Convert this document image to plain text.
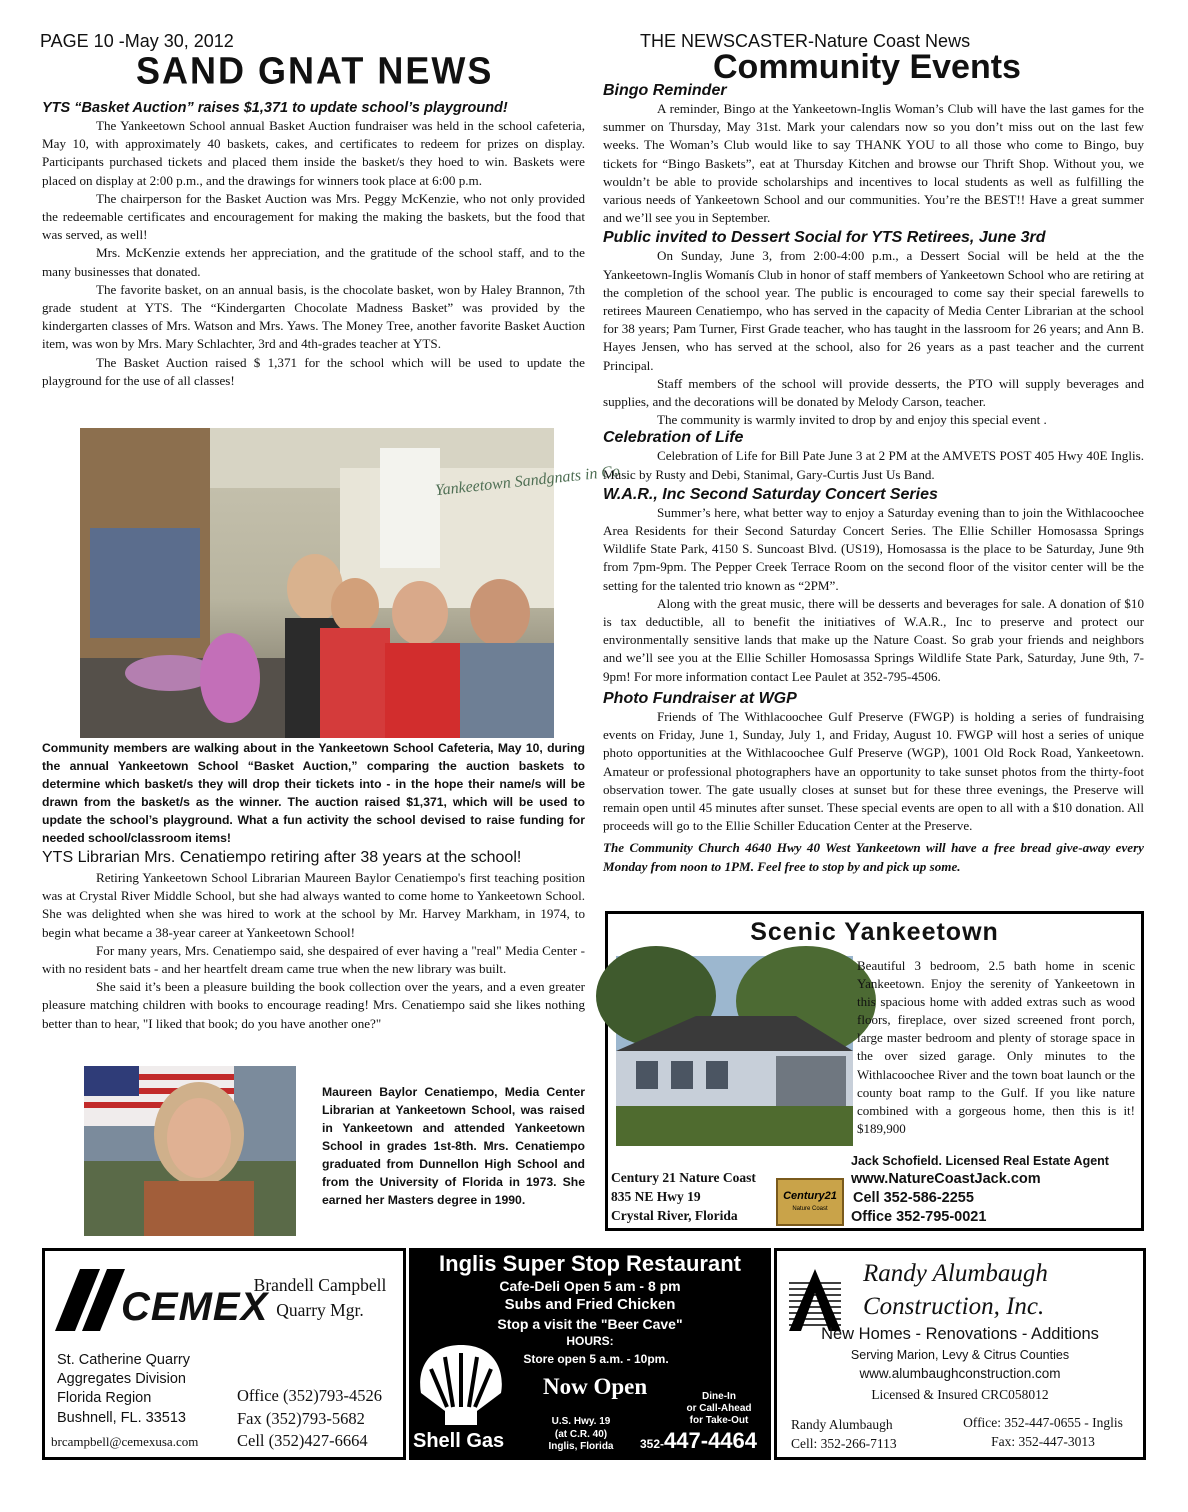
PAGE 10 -May 30, 2012
SAND GNAT NEWS
THE NEWSCASTER-Nature Coast News
Community Events

YTS “Basket Auction” raises $1,371 to update school’s playground!

The Yankeetown School annual Basket Auction fundraiser was held in the school cafeteria, May 10, with approximately 40 baskets, cakes, and certificates to redeem for prizes on display. Participants purchased tickets and placed them inside the basket/s they hoed to win. Baskets were placed on display at 2:00 p.m., and the drawings for winners took place at 6:00 p.m.

The chairperson for the Basket Auction was Mrs. Peggy McKenzie, who not only provided the redeemable certificates and encouragement for making the making the baskets, but the food that was served, as well!

Mrs. McKenzie extends her appreciation, and the gratitude of the school staff, and to the many businesses that donated.

The favorite basket, on an annual basis, is the chocolate basket, won by Haley Brannon, 7th grade student at YTS. The “Kindergarten Chocolate Madness Basket” was provided by the kindergarten classes of Mrs. Watson and Mrs. Yaws. The Money Tree, another favorite Basket Auction item, was won by Mrs. Mary Schlachter, 3rd and 4th-grades teacher at YTS.

The Basket Auction raised $ 1,371 for the school which will be used to update the playground for the use of all classes!

Yankeetown Sandgnats in Co

Community members are walking about in the Yankeetown School Cafeteria, May 10, during the annual Yankeetown School “Basket Auction,” comparing the auction baskets to determine which basket/s they will drop their tickets into - in the hope their name/s will be drawn from the basket/s as the winner. The auction raised $1,371, which will be used to update the school’s playground. What a fun activity the school devised to raise funding for needed school/classroom items!

YTS Librarian Mrs. Cenatiempo retiring after 38 years at the school!

Retiring Yankeetown School Librarian Maureen Baylor Cenatiempo's first teaching position was at Crystal River Middle School, but she had always wanted to come home to Yankeetown School. She was delighted when she was hired to work at the school by Mr. Harvey Markham, in 1974, to begin what became a 38-year career at Yankeetown School!

For many years, Mrs. Cenatiempo said, she despaired of ever having a "real" Media Center - with no resident bats - and her heartfelt dream came true when the new library was built.

She said it’s been a pleasure building the book collection over the years, and a even greater pleasure matching children with books to encourage reading! Mrs. Cenatiempo said she likes nothing better than to hear, "I liked that book; do you have another one?"

Maureen Baylor Cenatiempo, Media Center Librarian at Yankeetown School, was raised in Yankeetown and attended Yankeetown School in grades 1st-8th. Mrs. Cenatiempo graduated from Dunnellon High School and from the University of Florida in 1973. She earned her Masters degree in 1990.

Bingo Reminder

A reminder, Bingo at the Yankeetown-Inglis Woman’s Club will have the last games for the summer on Thursday, May 31st. Mark your calendars now so you don’t miss out on the last few weeks. The Woman’s Club would like to say THANK YOU to all those who come to Bingo, buy tickets for “Bingo Baskets”, eat at Thursday Kitchen and browse our Thrift Shop. Without you, we wouldn’t be able to provide scholarships and incentives to local students as well as fulfilling the various needs of Yankeetown School and our communities. You’re the BEST!! Have a great summer and we’ll see you in September.

Public invited to Dessert Social for YTS Retirees, June 3rd

On Sunday, June 3, from 2:00-4:00 p.m., a Dessert Social will be held at the the Yankeetown-Inglis Womanís Club in honor of staff members of Yankeetown School who are retiring at the completion of the school year. The public is encouraged to come say their special farewells to retirees Maureen Cenatiempo, who has served in the capacity of Media Center Librarian at the school for 38 years; Pam Turner, First Grade teacher, who has taught in the lassroom for 26 years; and Ann B. Hayes Jensen, who has served at the school, also for 26 years as a past teacher and the current Principal.

Staff members of the school will provide desserts, the PTO will supply beverages and supplies, and the decorations will be donated by Melody Carson, teacher.

The community is warmly invited to drop by and enjoy this special event .

Celebration of Life

Celebration of Life for Bill Pate June 3 at 2 PM at the AMVETS POST 405 Hwy 40E Inglis. Music by Rusty and Debi, Stanimal, Gary-Curtis Just Us Band.

W.A.R., Inc Second Saturday Concert Series

Summer’s here, what better way to enjoy a Saturday evening than to join the Withlacoochee Area Residents for their Second Saturday Concert Series. The Ellie Schiller Homosassa Springs Wildlife State Park, 4150 S. Suncoast Blvd. (US19), Homosassa is the place to be Saturday, June 9th from 7pm-9pm. The Pepper Creek Terrace Room on the second floor of the visitor center will be the setting for the talented trio known as “2PM”.

Along with the great music, there will be desserts and beverages for sale. A donation of $10 is tax deductible, all to benefit the initiatives of W.A.R., Inc to preserve and protect our environmentally sensitive lands that make up the Nature Coast. So grab your friends and neighbors and we’ll see you at the Ellie Schiller Homosassa Springs Wildlife State Park, Saturday, June 9th, 7-9pm! For more information contact Lee Paulet at 352-795-4506.

Photo Fundraiser at WGP

Friends of The Withlacoochee Gulf Preserve (FWGP) is holding a series of fundraising events on Friday, June 1, Sunday, July 1, and Friday, August 10. FWGP will host a series of unique photo opportunities at the Withlacoochee Gulf Preserve (WGP), 1001 Old Rock Road, Yankeetown. Amateur or professional photographers have an opportunity to take sunset photos from the thirty-foot observation tower. The gate usually closes at sunset but for these three evenings, the Preserve will remain open until 45 minutes after sunset. These special events are open to all with a $10 donation. All proceeds will go to the Ellie Schiller Education Center at the Preserve.

The Community Church 4640 Hwy 40 West Yankeetown will have a free bread give-away every Monday from noon to 1PM. Feel free to stop by and pick up some.

Scenic Yankeetown

Beautiful 3 bedroom, 2.5 bath home in scenic Yankeetown. Enjoy the serenity of Yankeetown in this spacious home with added extras such as wood floors, fireplace, over sized screened front porch, large master bedroom and plenty of storage space in the over sized garage. Only minutes to the Withlacoochee River and the town boat launch or the county boat ramp to the Gulf. If you like nature combined with a gorgeous home, then this is it! $189,900

Century 21 Nature Coast
835 NE Hwy 19
Crystal River, Florida
Century21
Nature Coast
Jack Schofield. Licensed Real Estate Agent
www.NatureCoastJack.com
Cell 352-586-2255
Office 352-795-0021
CEMEX
Brandell Campbell
Quarry Mgr.
St. Catherine Quarry
Aggregates Division
Florida Region
Bushnell, FL. 33513
brcampbell@cemexusa.com
Office (352)793-4526
Fax (352)793-5682
Cell (352)427-6664
Inglis Super Stop Restaurant
Cafe-Deli Open 5 am - 8 pm
Subs and Fried Chicken
Stop a visit the "Beer Cave"
HOURS:
Store open 5 a.m. - 10pm.
Shell Gas
Now Open	Dine-In
or Call-Ahead
for Take-Out
U.S. Hwy. 19
(at C.R. 40)
Inglis, Florida	352-447-4464
Randy Alumbaugh
Construction, Inc.
New Homes - Renovations - Additions
Serving Marion, Levy & Citrus Counties
www.alumbaughconstruction.com
Licensed & Insured CRC058012
Randy Alumbaugh
Cell: 352-266-7113
Office: 352-447-0655 - Inglis
Fax: 352-447-3013
